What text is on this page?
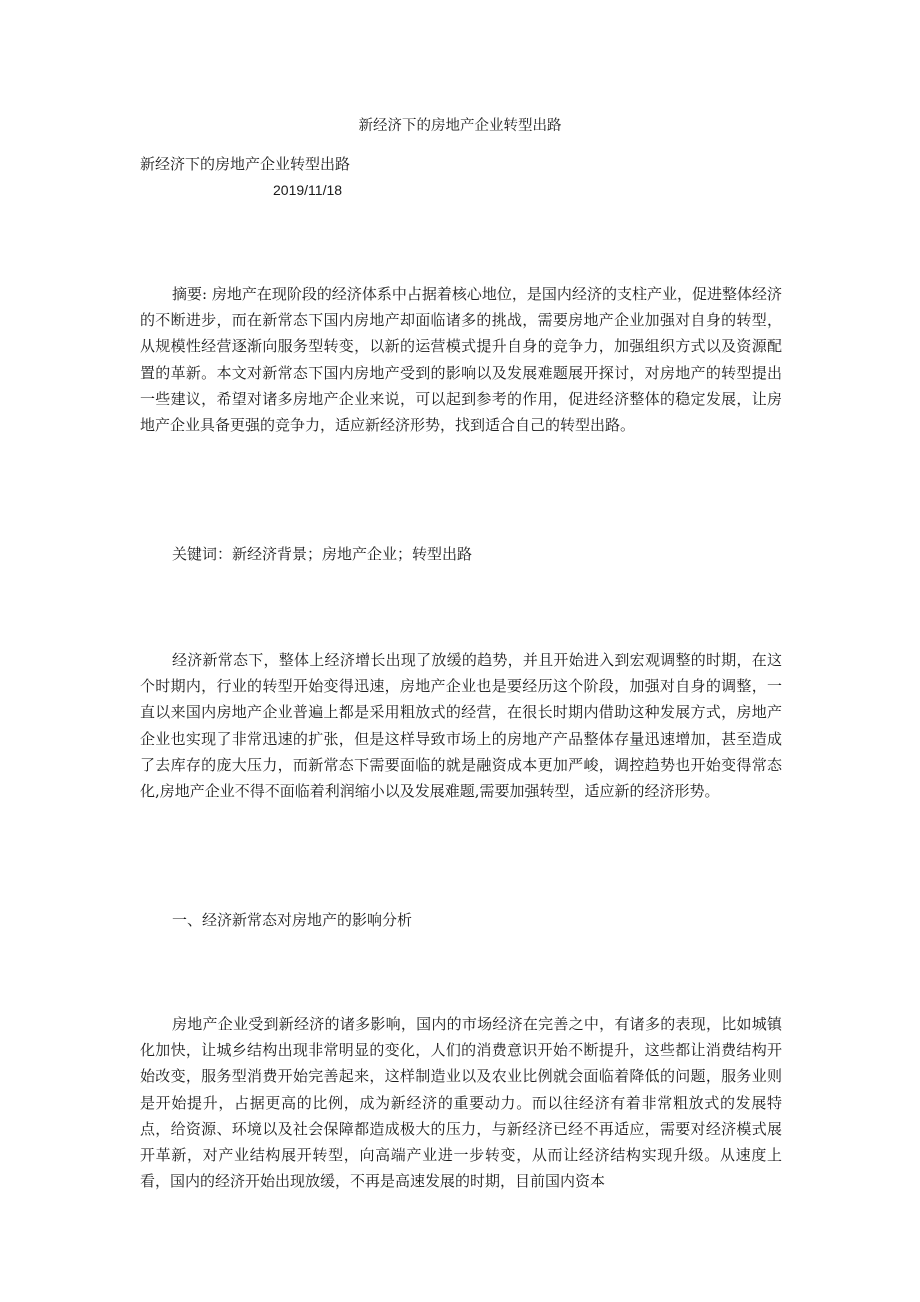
新经济下的房地产企业转型出路
新经济下的房地产企业转型出路
2019/11/18

摘要: 房地产在现阶段的经济体系中占据着核心地位，是国内经济的支柱产业，促进整体经济的不断进步，而在新常态下国内房地产却面临诸多的挑战，需要房地产企业加强对自身的转型，从规模性经营逐渐向服务型转变，以新的运营模式提升自身的竞争力，加强组织方式以及资源配置的革新。本文对新常态下国内房地产受到的影响以及发展难题展开探讨，对房地产的转型提出一些建议，希望对诸多房地产企业来说，可以起到参考的作用，促进经济整体的稳定发展，让房地产企业具备更强的竞争力，适应新经济形势，找到适合自己的转型出路。

关键词：新经济背景；房地产企业；转型出路

经济新常态下，整体上经济增长出现了放缓的趋势，并且开始进入到宏观调整的时期，在这个时期内，行业的转型开始变得迅速，房地产企业也是要经历这个阶段，加强对自身的调整，一直以来国内房地产企业普遍上都是采用粗放式的经营，在很长时期内借助这种发展方式，房地产企业也实现了非常迅速的扩张，但是这样导致市场上的房地产产品整体存量迅速增加，甚至造成了去库存的庞大压力，而新常态下需要面临的就是融资成本更加严峻，调控趋势也开始变得常态化,房地产企业不得不面临着利润缩小以及发展难题,需要加强转型，适应新的经济形势。

一、经济新常态对房地产的影响分析

房地产企业受到新经济的诸多影响，国内的市场经济在完善之中，有诸多的表现，比如城镇化加快，让城乡结构出现非常明显的变化，人们的消费意识开始不断提升，这些都让消费结构开始改变，服务型消费开始完善起来，这样制造业以及农业比例就会面临着降低的问题，服务业则是开始提升，占据更高的比例，成为新经济的重要动力。而以往经济有着非常粗放式的发展特点，给资源、环境以及社会保障都造成极大的压力，与新经济已经不再适应，需要对经济模式展开革新，对产业结构展开转型，向高端产业进一步转变，从而让经济结构实现升级。从速度上看，国内的经济开始出现放缓，不再是高速发展的时期，目前国内资本
